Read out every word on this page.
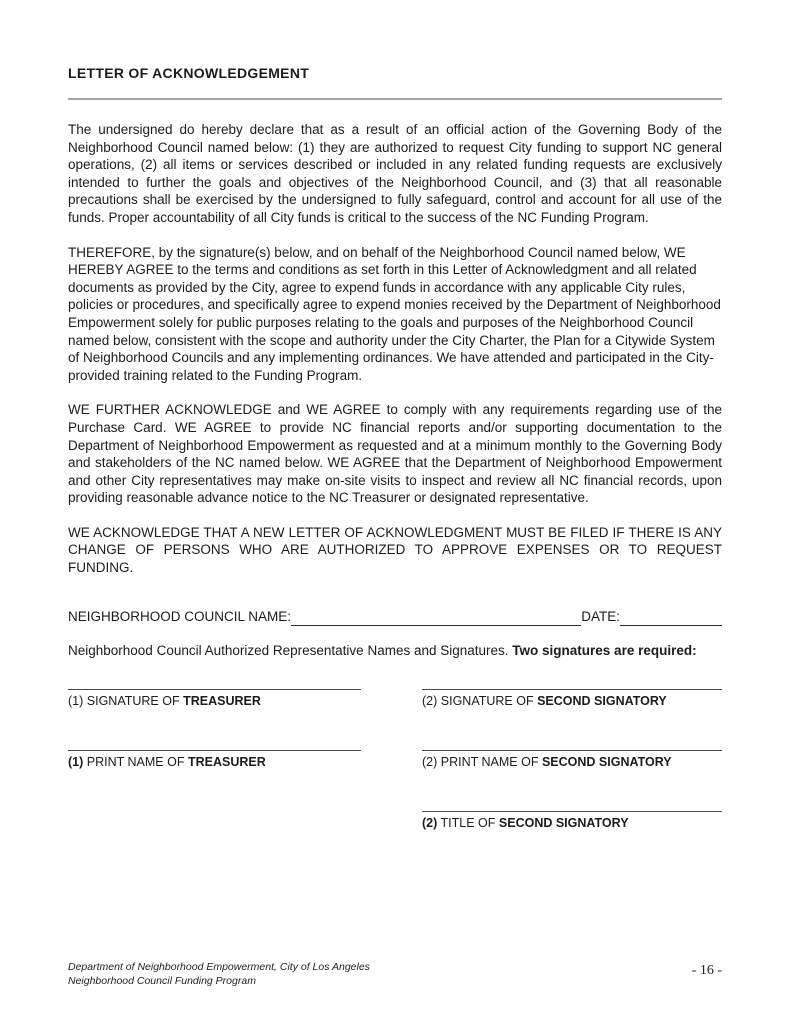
LETTER OF ACKNOWLEDGEMENT

The undersigned do hereby declare that as a result of an official action of the Governing Body of the Neighborhood Council named below: (1) they are authorized to request City funding to support NC general operations, (2) all items or services described or included in any related funding requests are exclusively intended to further the goals and objectives of the Neighborhood Council, and (3) that all reasonable precautions shall be exercised by the undersigned to fully safeguard, control and account for all use of the funds. Proper accountability of all City funds is critical to the success of the NC Funding Program.

THEREFORE, by the signature(s) below, and on behalf of the Neighborhood Council named below, WE HEREBY AGREE to the terms and conditions as set forth in this Letter of Acknowledgment and all related documents as provided by the City, agree to expend funds in accordance with any applicable City rules, policies or procedures, and specifically agree to expend monies received by the Department of Neighborhood Empowerment solely for public purposes relating to the goals and purposes of the Neighborhood Council named below, consistent with the scope and authority under the City Charter, the Plan for a Citywide System of Neighborhood Councils and any implementing ordinances. We have attended and participated in the City-provided training related to the Funding Program.

WE FURTHER ACKNOWLEDGE and WE AGREE to comply with any requirements regarding use of the Purchase Card. WE AGREE to provide NC financial reports and/or supporting documentation to the Department of Neighborhood Empowerment as requested and at a minimum monthly to the Governing Body and stakeholders of the NC named below. WE AGREE that the Department of Neighborhood Empowerment and other City representatives may make on-site visits to inspect and review all NC financial records, upon providing reasonable advance notice to the NC Treasurer or designated representative.

WE ACKNOWLEDGE THAT A NEW LETTER OF ACKNOWLEDGMENT MUST BE FILED IF THERE IS ANY CHANGE OF PERSONS WHO ARE AUTHORIZED TO APPROVE EXPENSES OR TO REQUEST FUNDING.

NEIGHBORHOOD COUNCIL NAME:	DATE:

Neighborhood Council Authorized Representative Names and Signatures. Two signatures are required:

(1) SIGNATURE OF TREASURER	(2) SIGNATURE OF SECOND SIGNATORY
(1) PRINT NAME OF TREASURER	(2) PRINT NAME OF SECOND SIGNATORY
(2) TITLE OF SECOND SIGNATORY
Department of Neighborhood Empowerment, City of Los Angeles
Neighborhood Council Funding Program
- 16 -
